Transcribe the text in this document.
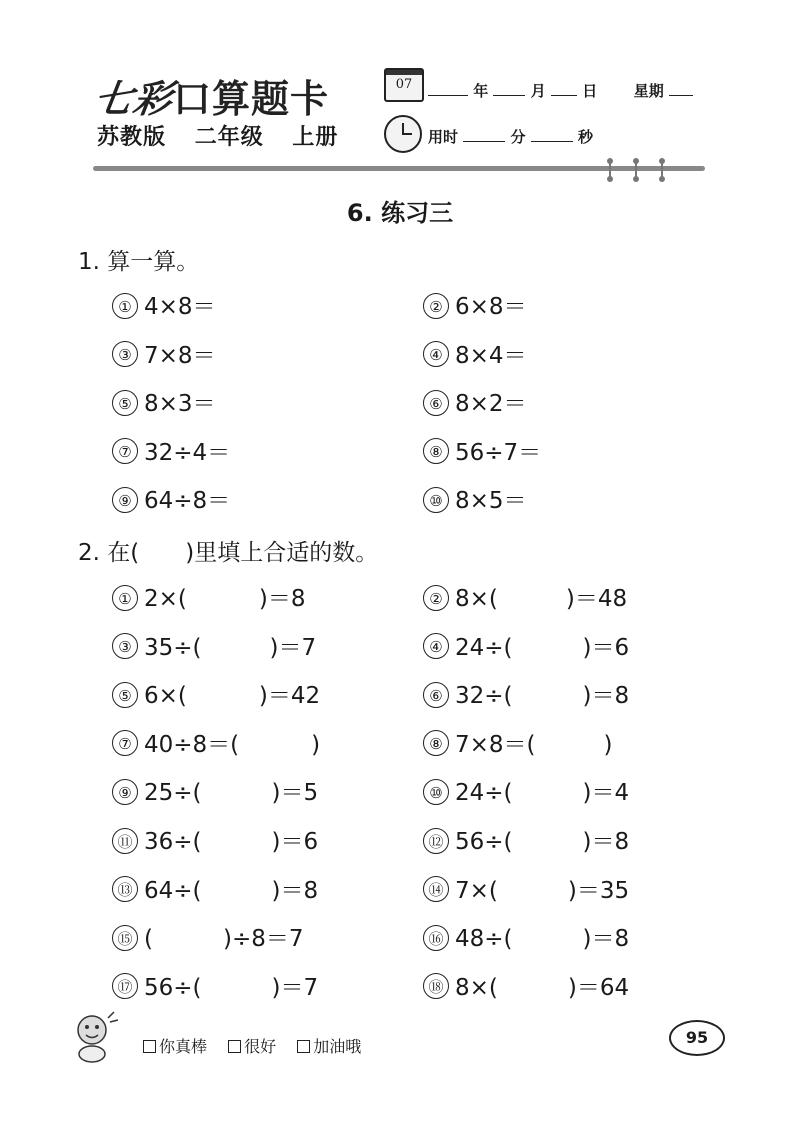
七彩口算题卡
苏教版 二年级 上册
07	年	月 日 星期
用时	分	秒
6. 练习三
1. 算一算。
① 4×8＝	② 6×8＝
③ 7×8＝	④ 8×4＝
⑤ 8×3＝	⑥ 8×2＝
⑦ 32÷4＝	⑧ 56÷7＝
⑨ 64÷8＝	⑩ 8×5＝
2. 在( )里填上合适的数。
① 2×(	)＝8	② 8×(	)＝48
③ 35÷(	)＝7	④ 24÷(	)＝6
⑤ 6×(	)＝42	⑥ 32÷(	)＝8
⑦ 40÷8＝(	)	⑧ 7×8＝(	)
⑨ 25÷(	)＝5	⑩ 24÷(	)＝4
⑪ 36÷(	)＝6	⑫ 56÷(	)＝8
⑬ 64÷(	)＝8	⑭ 7×(	)＝35
⑮ (	)÷8＝7	⑯ 48÷(	)＝8
⑰ 56÷(	)＝7	⑱ 8×(	)＝64
你真棒 很好 加油哦	95
